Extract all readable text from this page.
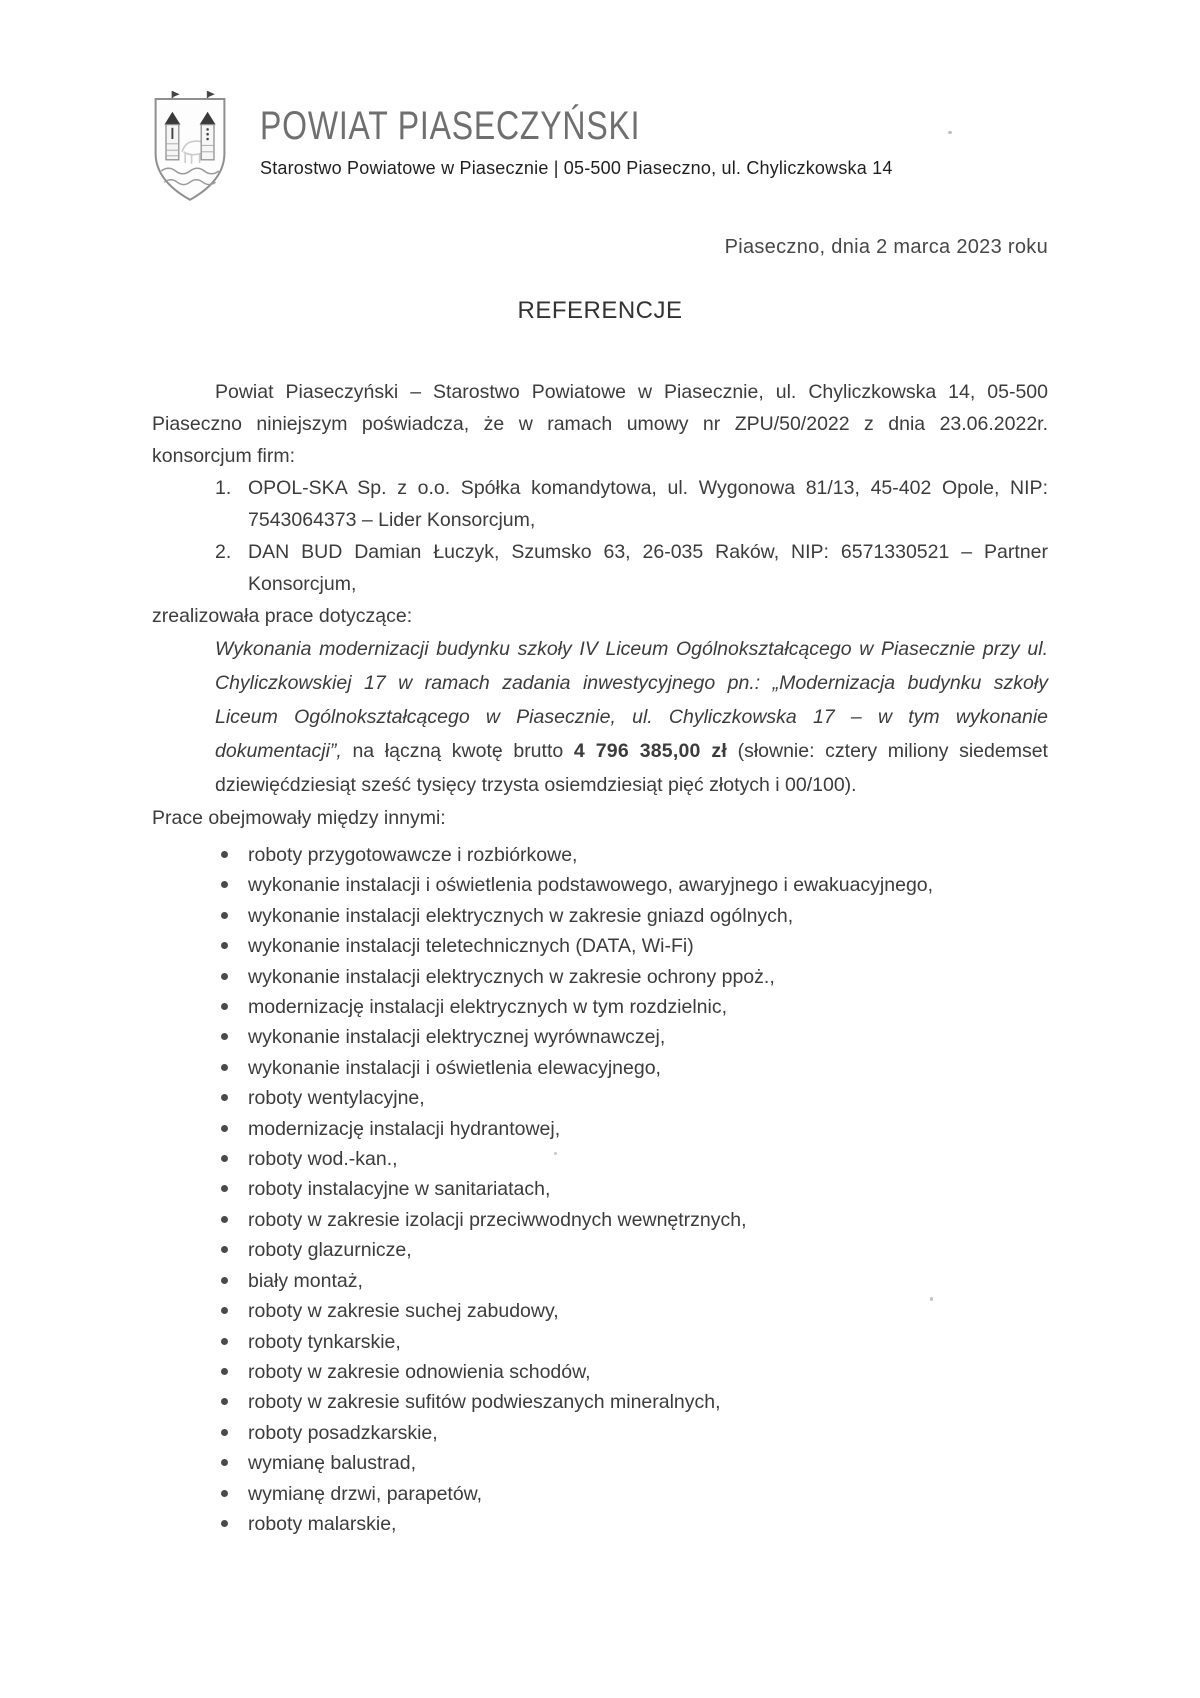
POWIAT PIASECZYŃSKI
Starostwo Powiatowe w Piasecznie | 05-500 Piaseczno, ul. Chyliczkowska 14
Piaseczno, dnia 2 marca 2023 roku
REFERENCJE

Powiat Piaseczyński – Starostwo Powiatowe w Piasecznie, ul. Chyliczkowska 14, 05-500 Piaseczno niniejszym poświadcza, że w ramach umowy nr ZPU/50/2022 z dnia 23.06.2022r. konsorcjum firm:

OPOL-SKA Sp. z o.o. Spółka komandytowa, ul. Wygonowa 81/13, 45-402 Opole, NIP: 7543064373 – Lider Konsorcjum,
DAN BUD Damian Łuczyk, Szumsko 63, 26-035 Raków, NIP: 6571330521 – Partner Konsorcjum,

zrealizowała prace dotyczące:

Wykonania modernizacji budynku szkoły IV Liceum Ogólnokształcącego w Piasecznie przy ul. Chyliczkowskiej 17 w ramach zadania inwestycyjnego pn.: „Modernizacja budynku szkoły Liceum Ogólnokształcącego w Piasecznie, ul. Chyliczkowska 17 – w tym wykonanie dokumentacji”, na łączną kwotę brutto 4 796 385,00 zł (słownie: cztery miliony siedemset dziewięćdziesiąt sześć tysięcy trzysta osiemdziesiąt pięć złotych i 00/100).

Prace obejmowały między innymi:

roboty przygotowawcze i rozbiórkowe,
wykonanie instalacji i oświetlenia podstawowego, awaryjnego i ewakuacyjnego,
wykonanie instalacji elektrycznych w zakresie gniazd ogólnych,
wykonanie instalacji teletechnicznych (DATA, Wi-Fi)
wykonanie instalacji elektrycznych w zakresie ochrony ppoż.,
modernizację instalacji elektrycznych w tym rozdzielnic,
wykonanie instalacji elektrycznej wyrównawczej,
wykonanie instalacji i oświetlenia elewacyjnego,
roboty wentylacyjne,
modernizację instalacji hydrantowej,
roboty wod.-kan.,
roboty instalacyjne w sanitariatach,
roboty w zakresie izolacji przeciwwodnych wewnętrznych,
roboty glazurnicze,
biały montaż,
roboty w zakresie suchej zabudowy,
roboty tynkarskie,
roboty w zakresie odnowienia schodów,
roboty w zakresie sufitów podwieszanych mineralnych,
roboty posadzkarskie,
wymianę balustrad,
wymianę drzwi, parapetów,
roboty malarskie,
